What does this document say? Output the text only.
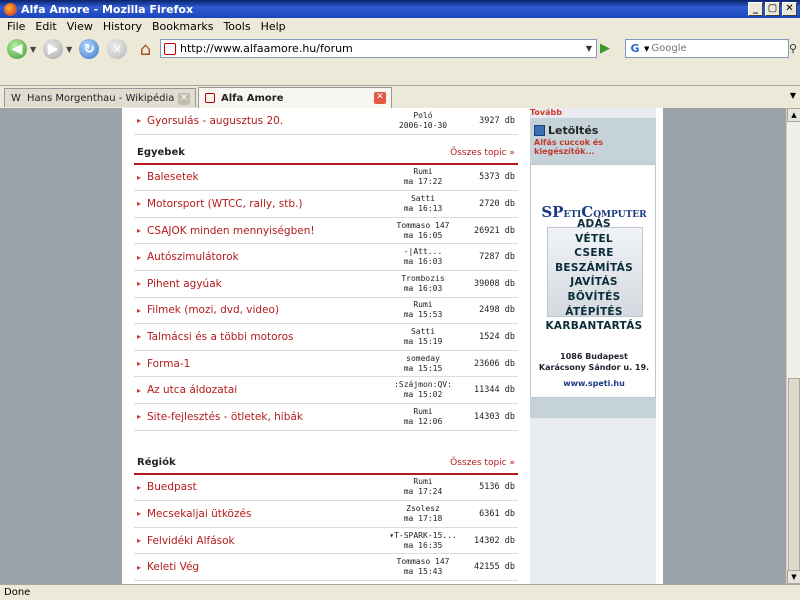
Alfa Amore - Mozilla Firefox	_ ▢ ✕
File Edit View History Bookmarks Tools Help
◀ ▼ ▶ ▼ ↻	✕ ⌂
http://www.alfaamore.hu/forum	▼ ▶	G ▼
Google	⚲
W Hans Morgenthau - Wikipédia ✕	Alfa Amore	✕	▼
▸ Gyorsulás - augusztus 20.	Poló
2006-10-30	3927 db
Egyebek	Összes topic »
▸ Balesetek	Rumi
ma 17:22	5373 db
▸ Motorsport (WTCC, rally, stb.)	Satti
ma 16:13	2720 db
▸ CSAJOK minden mennyiségben!	Tommaso 147
ma 16:05	26921 db
▸ Autószimulátorok	-|Att...
ma 16:03	7287 db
▸ Pihent agyúak	Trombozis
ma 16:03	39008 db
▸ Filmek (mozi, dvd, video)	Rumi
ma 15:53	2498 db
▸ Talmácsi és a többi motoros	Satti
ma 15:19	1524 db
▸ Forma-1	someday
ma 15:15	23606 db
▸ Az utca áldozatai	:Szájmon:QV:
ma 15:02	11344 db
▸ Site-fejlesztés - ötletek, hibák	Rumi
ma 12:06	14303 db
Régiók	Összes topic »
▸ Buedpast	Rumi
ma 17:24	5136 db
▸ Mecsekaljai ütközés	Zsolesz
ma 17:18	6361 db
▸ Felvidéki Alfások	▾T-SPARK-15...
ma 16:35	14302 db
▸ Keleti Vég	Tommaso 147
ma 15:43	42155 db
Tovább
Letöltés
Alfás cuccok és kiegészítők...
SPETICOMPUTER
ADÁS
VÉTEL
CSERE
BESZÁMÍTÁS
JAVÍTÁS
BŐVÍTÉS
ÁTÉPÍTÉS
KARBANTARTÁS
1086 Budapest
Karácsony Sándor u. 19.
www.speti.hu
▲
▼
Done
